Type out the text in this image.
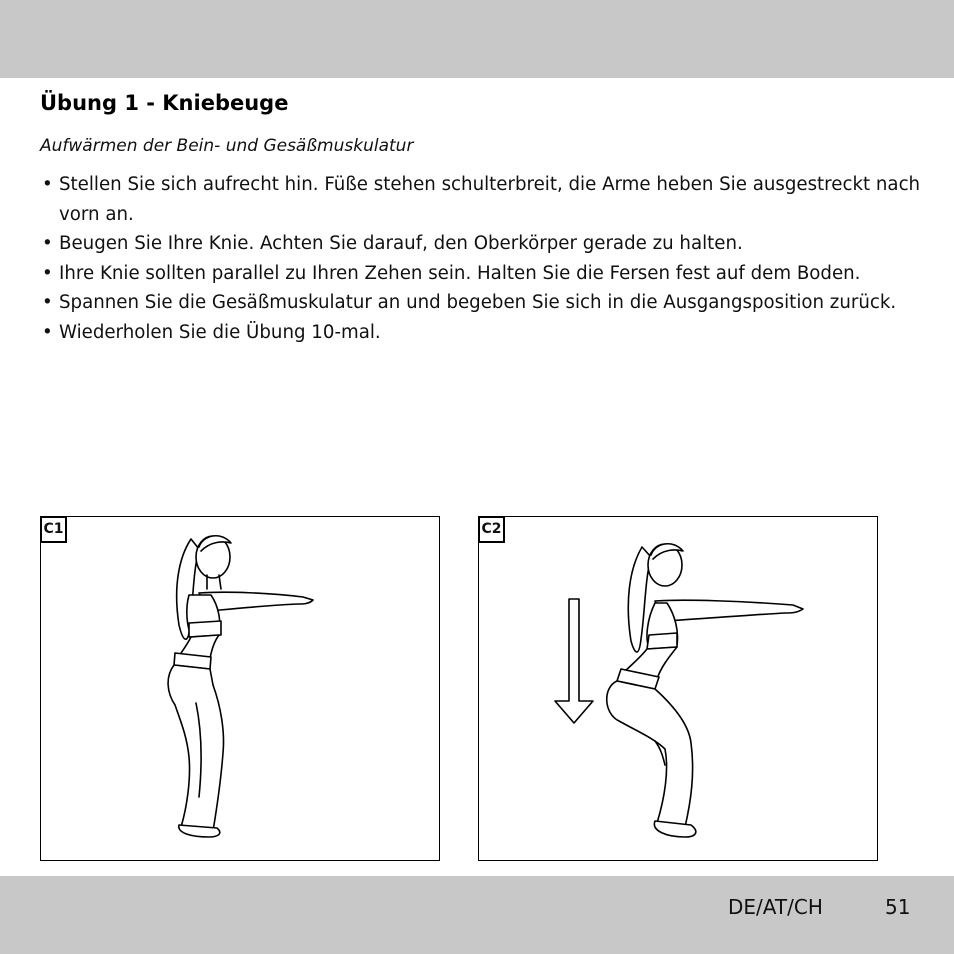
Übung 1 - Kniebeuge

Aufwärmen der Bein- und Gesäßmuskulatur

• Stellen Sie sich aufrecht hin. Füße stehen schulterbreit, die Arme heben Sie ausgestreckt nach vorn an.
• Beugen Sie Ihre Knie. Achten Sie darauf, den Oberkörper gerade zu halten.
• Ihre Knie sollten parallel zu Ihren Zehen sein. Halten Sie die Fersen fest auf dem Boden.
• Spannen Sie die Gesäßmuskulatur an und begeben Sie sich in die Ausgangsposition zurück.
• Wiederholen Sie die Übung 10-mal.
C1	C2
DE/AT/CH	51
